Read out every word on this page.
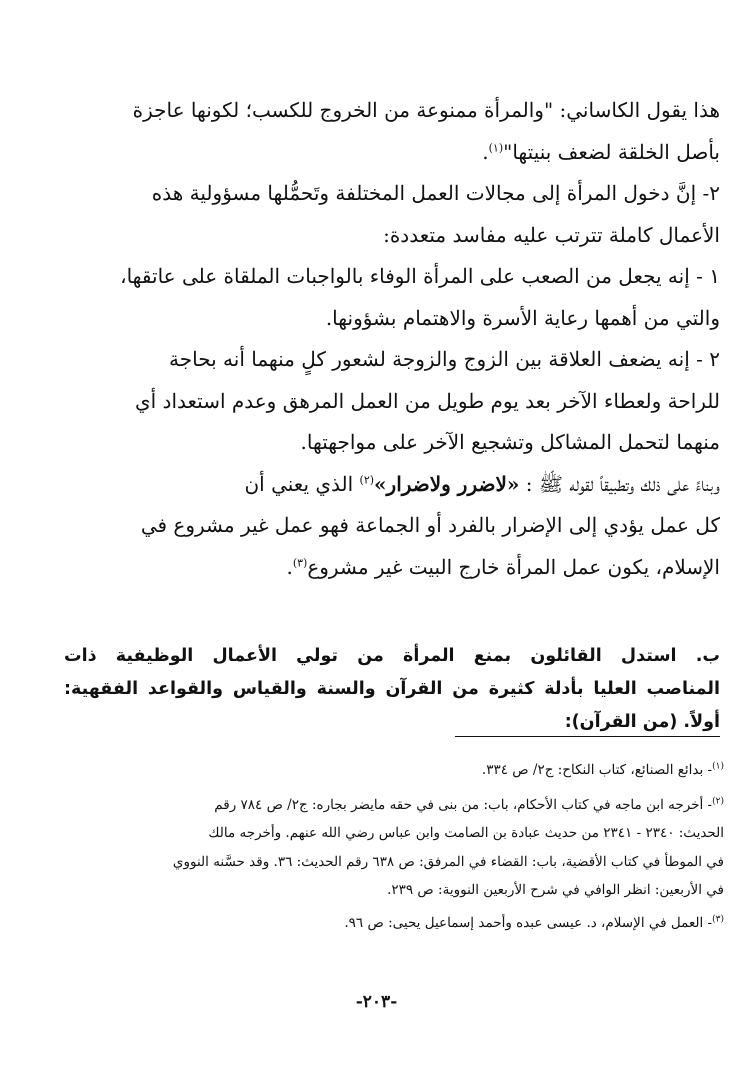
هذا يقول الكاساني: "والمرأة ممنوعة من الخروج للكسب؛ لكونها عاجزة
بأصل الخلقة لضعف بنيتها"$^{(١)}$.
٢- إنَّ دخول المرأة إلى مجالات العمل المختلفة وتَحمُّلها مسؤولية هذه
الأعمال كاملة تترتب عليه مفاسد متعددة:
١ - إنه يجعل من الصعب على المرأة الوفاء بالواجبات الملقاة على عاتقها،
والتي من أهمها رعاية الأسرة والاهتمام بشؤونها.
٢ - إنه يضعف العلاقة بين الزوج والزوجة لشعور كلٍ منهما أنه بحاجة
للراحة ولعطاء الآخر بعد يوم طويل من العمل المرهق وعدم استعداد أي
منهما لتحمل المشاكل وتشجيع الآخر على مواجهتها.
وبناءً على ذلك وتطبيقاً لقوله ﷺ : «لاضرر ولاضرار»$^{(٢)}$ الذي يعني أن
كل عمل يؤدي إلى الإضرار بالفرد أو الجماعة فهو عمل غير مشروع في
الإسلام، يكون عمل المرأة خارج البيت غير مشروع$^{(٣)}$.
ب. استدل القائلون بمنع المرأة من تولي الأعمال الوظيفية ذات
المناصب العليا بأدلة كثيرة من القرآن والسنة والقياس والقواعد الفقهية:
أولاً. (من القرآن):
$^{(١)}$- بدائع الصنائع، كتاب النكاح: ج٢/ ص ٣٣٤.
$^{(٢)}$- أخرجه ابن ماجه في كتاب الأحكام، باب: من بنى في حقه مايضر بجاره: ج٢/ ص ٧٨٤ رقم
الحديث: ٢٣٤٠ - ٢٣٤١ من حديث عبادة بن الصامت وابن عباس رضي الله عنهم. وأخرجه مالك
في الموطأ في كتاب الأقضية، باب: القضاء في المرفق: ص ٦٣٨ رقم الحديث: ٣٦. وقد حسَّنه النووي
في الأربعين: انظر الوافي في شرح الأربعين النووية: ص ٢٣٩.
$^{(٣)}$- العمل في الإسلام، د. عيسى عبده وأحمد إسماعيل يحيى: ص ٩٦.
-٢٠٣-
